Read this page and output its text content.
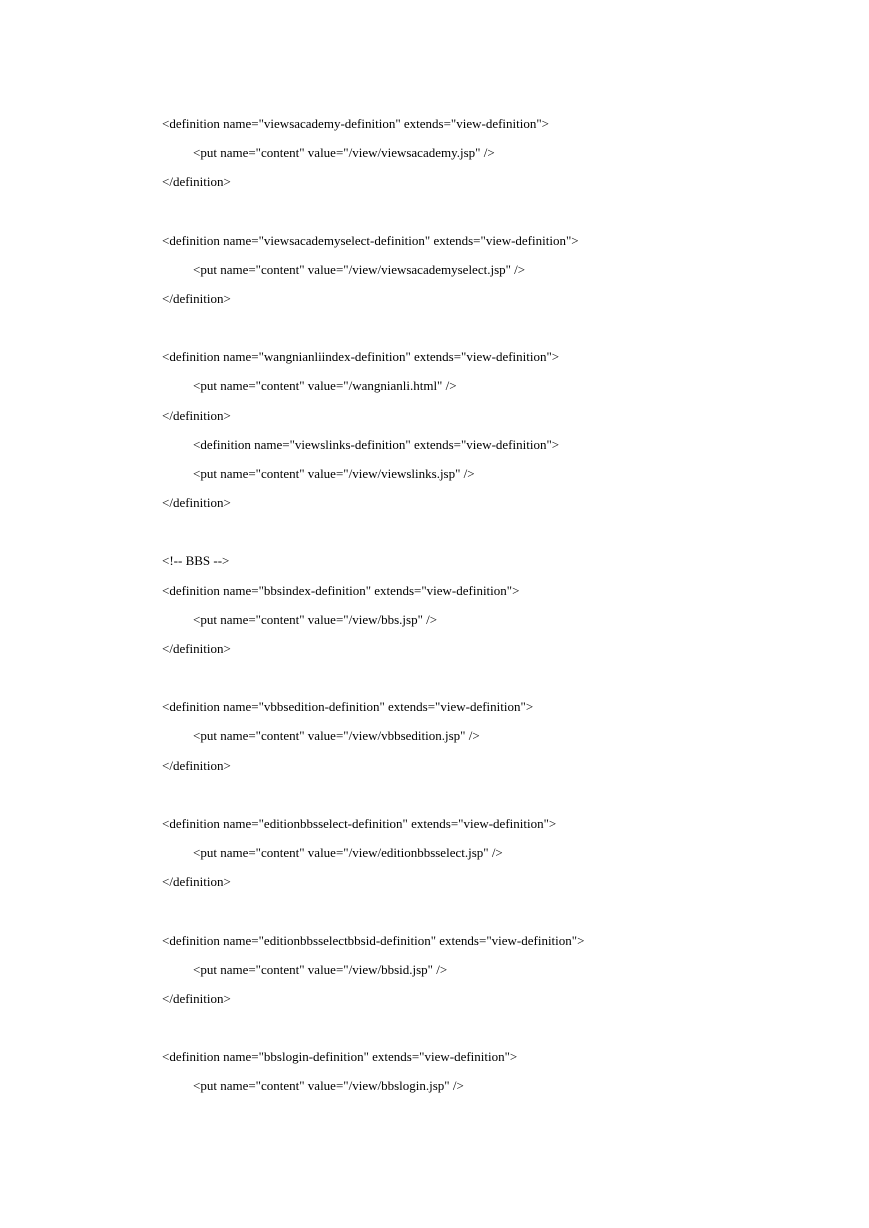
<definition name="viewsacademy-definition" extends="view-definition">
<put name="content" value="/view/viewsacademy.jsp" />
</definition>
<definition name="viewsacademyselect-definition" extends="view-definition">
<put name="content" value="/view/viewsacademyselect.jsp" />
</definition>
<definition name="wangnianliindex-definition" extends="view-definition">
<put name="content" value="/wangnianli.html" />
</definition>
<definition name="viewslinks-definition" extends="view-definition">
<put name="content" value="/view/viewslinks.jsp" />
</definition>
<!-- BBS -->
<definition name="bbsindex-definition" extends="view-definition">
<put name="content" value="/view/bbs.jsp" />
</definition>
<definition name="vbbsedition-definition" extends="view-definition">
<put name="content" value="/view/vbbsedition.jsp" />
</definition>
<definition name="editionbbsselect-definition" extends="view-definition">
<put name="content" value="/view/editionbbsselect.jsp" />
</definition>
<definition name="editionbbsselectbbsid-definition" extends="view-definition">
<put name="content" value="/view/bbsid.jsp" />
</definition>
<definition name="bbslogin-definition" extends="view-definition">
<put name="content" value="/view/bbslogin.jsp" />
